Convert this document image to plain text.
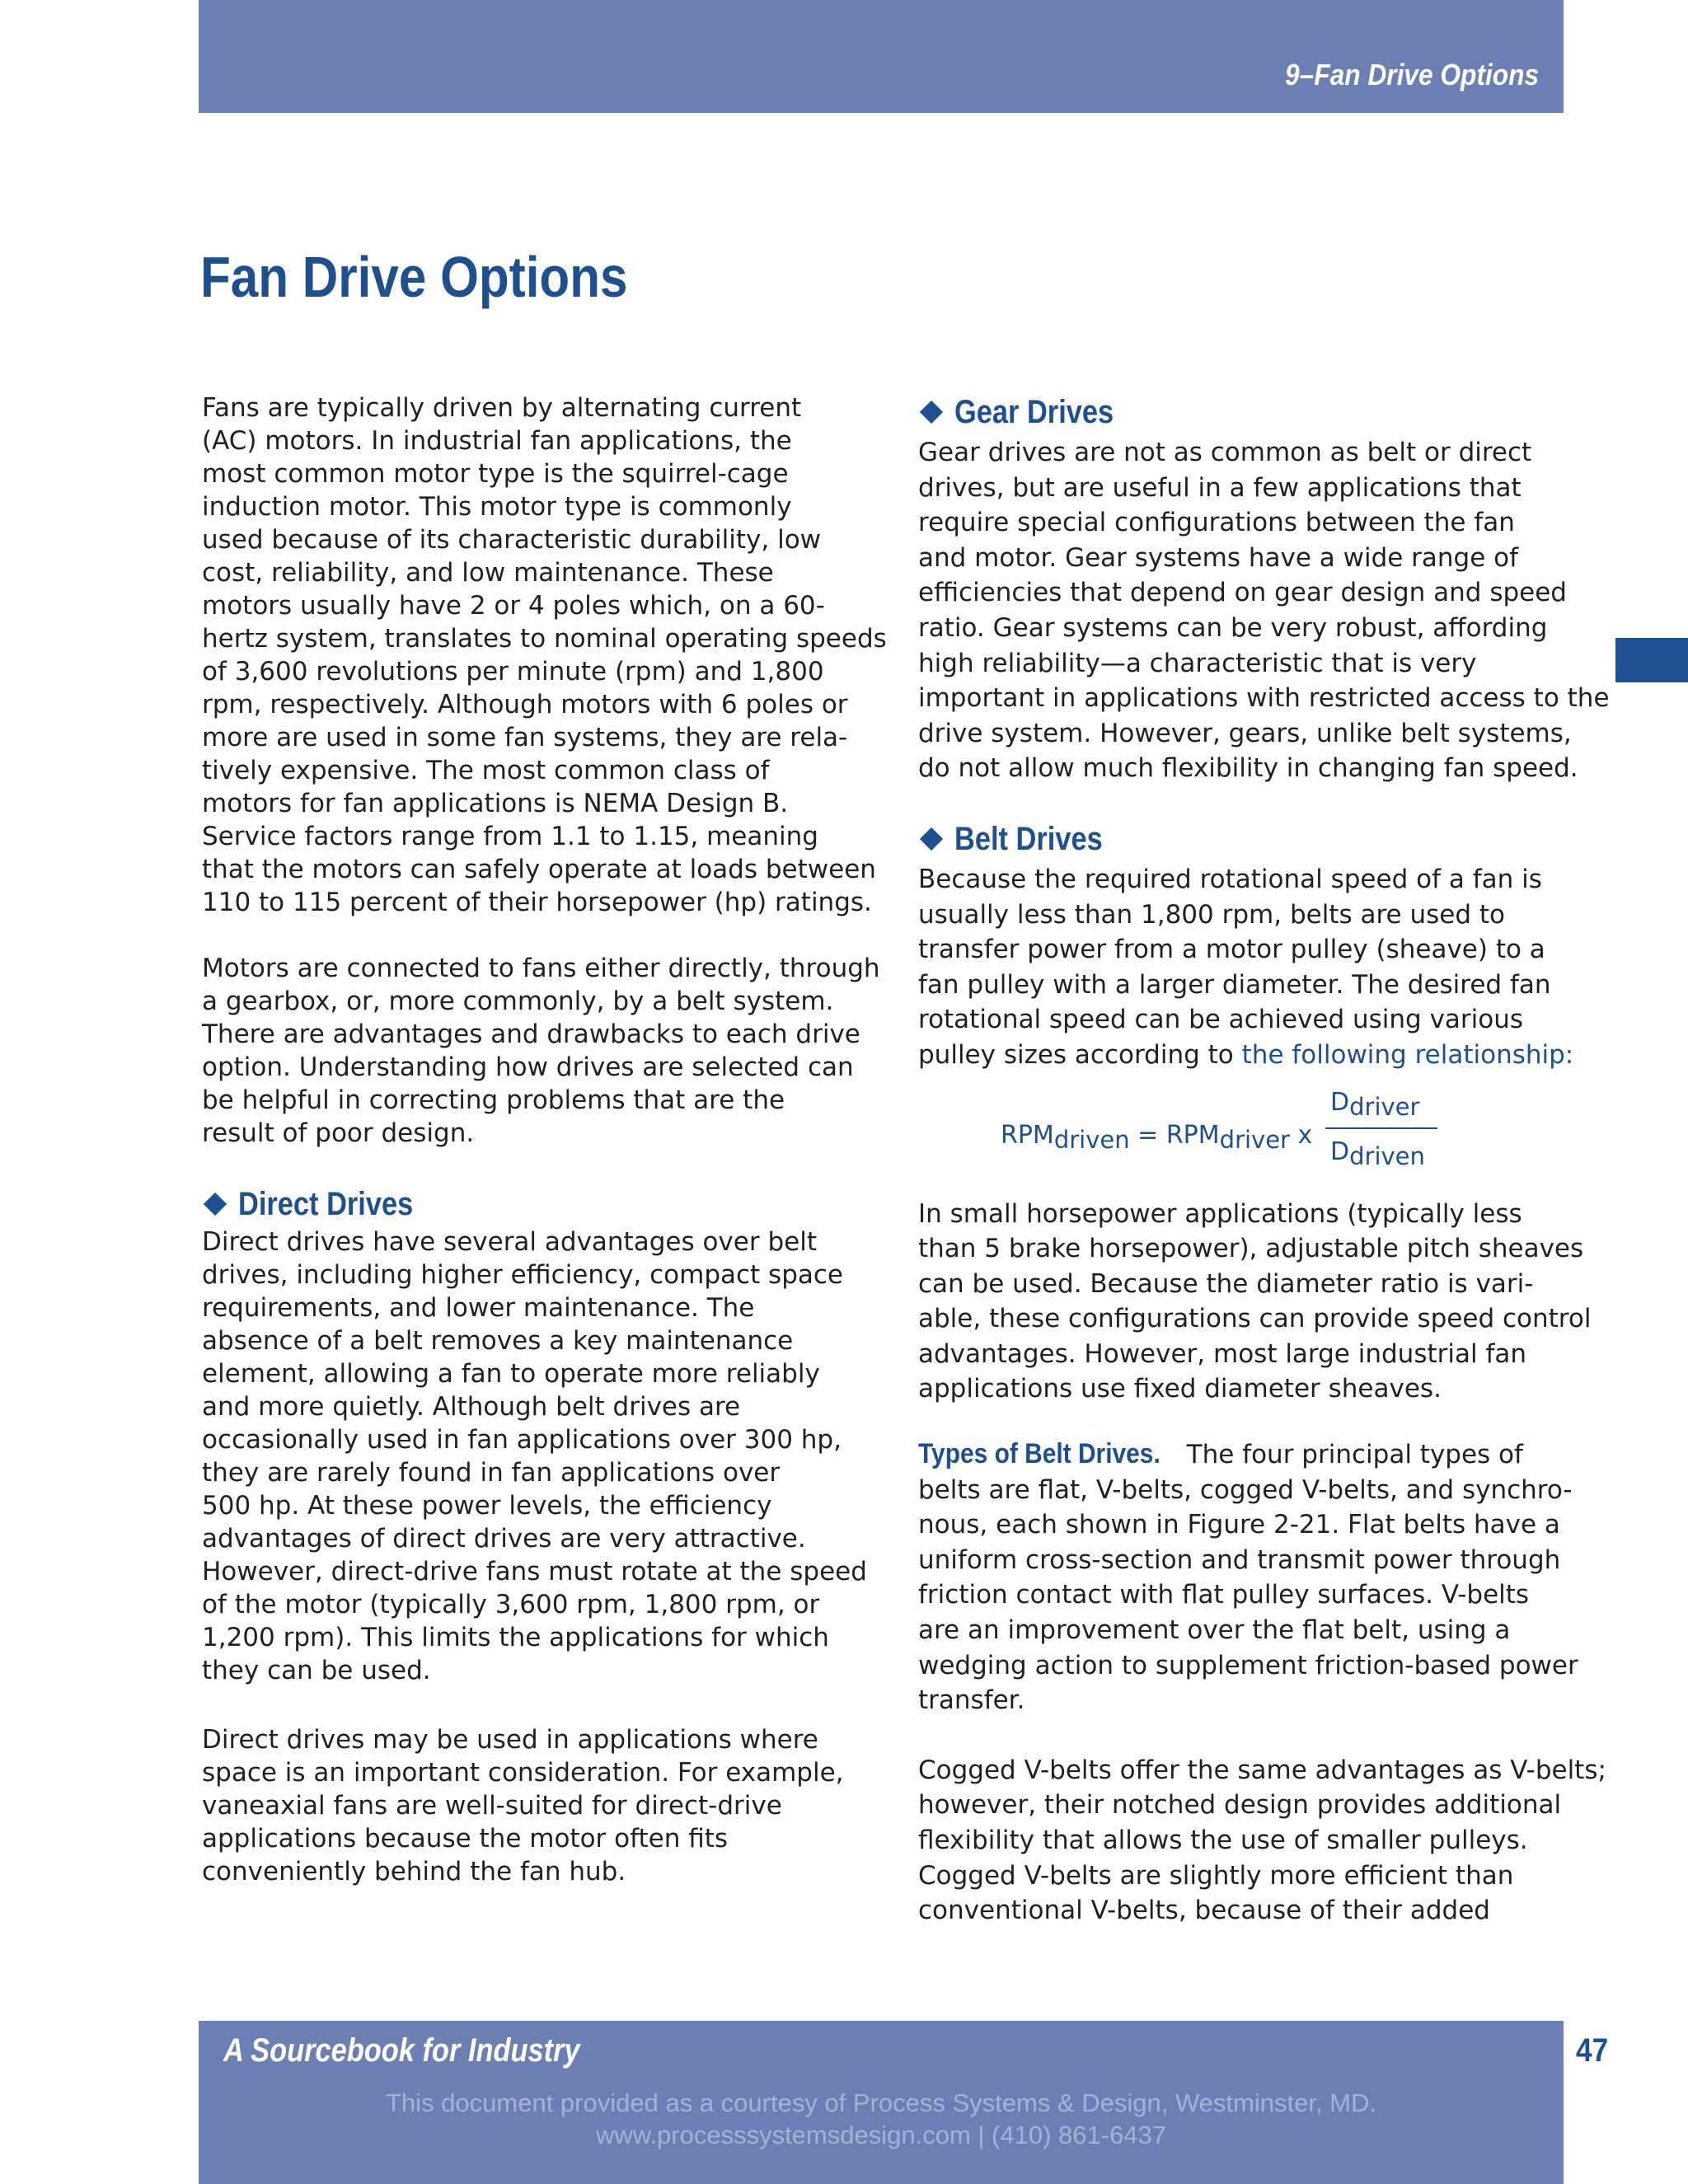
9–Fan Drive Options
Fan Drive Options

Fans are typically driven by alternating current
(AC) motors. In industrial fan applications, the
most common motor type is the squirrel-cage
induction motor. This motor type is commonly
used because of its characteristic durability, low
cost, reliability, and low maintenance. These
motors usually have 2 or 4 poles which, on a 60-
hertz system, translates to nominal operating speeds
of 3,600 revolutions per minute (rpm) and 1,800
rpm, respectively. Although motors with 6 poles or
more are used in some fan systems, they are rela-
tively expensive. The most common class of
motors for fan applications is NEMA Design B.
Service factors range from 1.1 to 1.15, meaning
that the motors can safely operate at loads between
110 to 115 percent of their horsepower (hp) ratings.

Motors are connected to fans either directly, through
a gearbox, or, more commonly, by a belt system.
There are advantages and drawbacks to each drive
option. Understanding how drives are selected can
be helpful in correcting problems that are the
result of poor design.

Direct Drives

Direct drives have several advantages over belt
drives, including higher efficiency, compact space
requirements, and lower maintenance. The
absence of a belt removes a key maintenance
element, allowing a fan to operate more reliably
and more quietly. Although belt drives are
occasionally used in fan applications over 300 hp,
they are rarely found in fan applications over
500 hp. At these power levels, the efficiency
advantages of direct drives are very attractive.
However, direct-drive fans must rotate at the speed
of the motor (typically 3,600 rpm, 1,800 rpm, or
1,200 rpm). This limits the applications for which
they can be used.

Direct drives may be used in applications where
space is an important consideration. For example,
vaneaxial fans are well-suited for direct-drive
applications because the motor often fits
conveniently behind the fan hub.

Gear Drives

Gear drives are not as common as belt or direct
drives, but are useful in a few applications that
require special configurations between the fan
and motor. Gear systems have a wide range of
efficiencies that depend on gear design and speed
ratio. Gear systems can be very robust, affording
high reliability—a characteristic that is very
important in applications with restricted access to the
drive system. However, gears, unlike belt systems,
do not allow much flexibility in changing fan speed.

Belt Drives

Because the required rotational speed of a fan is
usually less than 1,800 rpm, belts are used to
transfer power from a motor pulley (sheave) to a
fan pulley with a larger diameter. The desired fan
rotational speed can be achieved using various
pulley sizes according to the following relationship:

$RPM_{driven} = RPM_{driver}$ x
$D_{driver}$
$D_{driven}$

In small horsepower applications (typically less
than 5 brake horsepower), adjustable pitch sheaves
can be used. Because the diameter ratio is vari-
able, these configurations can provide speed control
advantages. However, most large industrial fan
applications use fixed diameter sheaves.

Types of Belt Drives. The four principal types of
belts are flat, V-belts, cogged V-belts, and synchro-
nous, each shown in Figure 2-21. Flat belts have a
uniform cross-section and transmit power through
friction contact with flat pulley surfaces. V-belts
are an improvement over the flat belt, using a
wedging action to supplement friction-based power
transfer.

Cogged V-belts offer the same advantages as V-belts;
however, their notched design provides additional
flexibility that allows the use of smaller pulleys.
Cogged V-belts are slightly more efficient than
conventional V-belts, because of their added

A Sourcebook for Industry
This document provided as a courtesy of Process Systems & Design, Westminster, MD.
www.processsystemsdesign.com | (410) 861-6437
47
